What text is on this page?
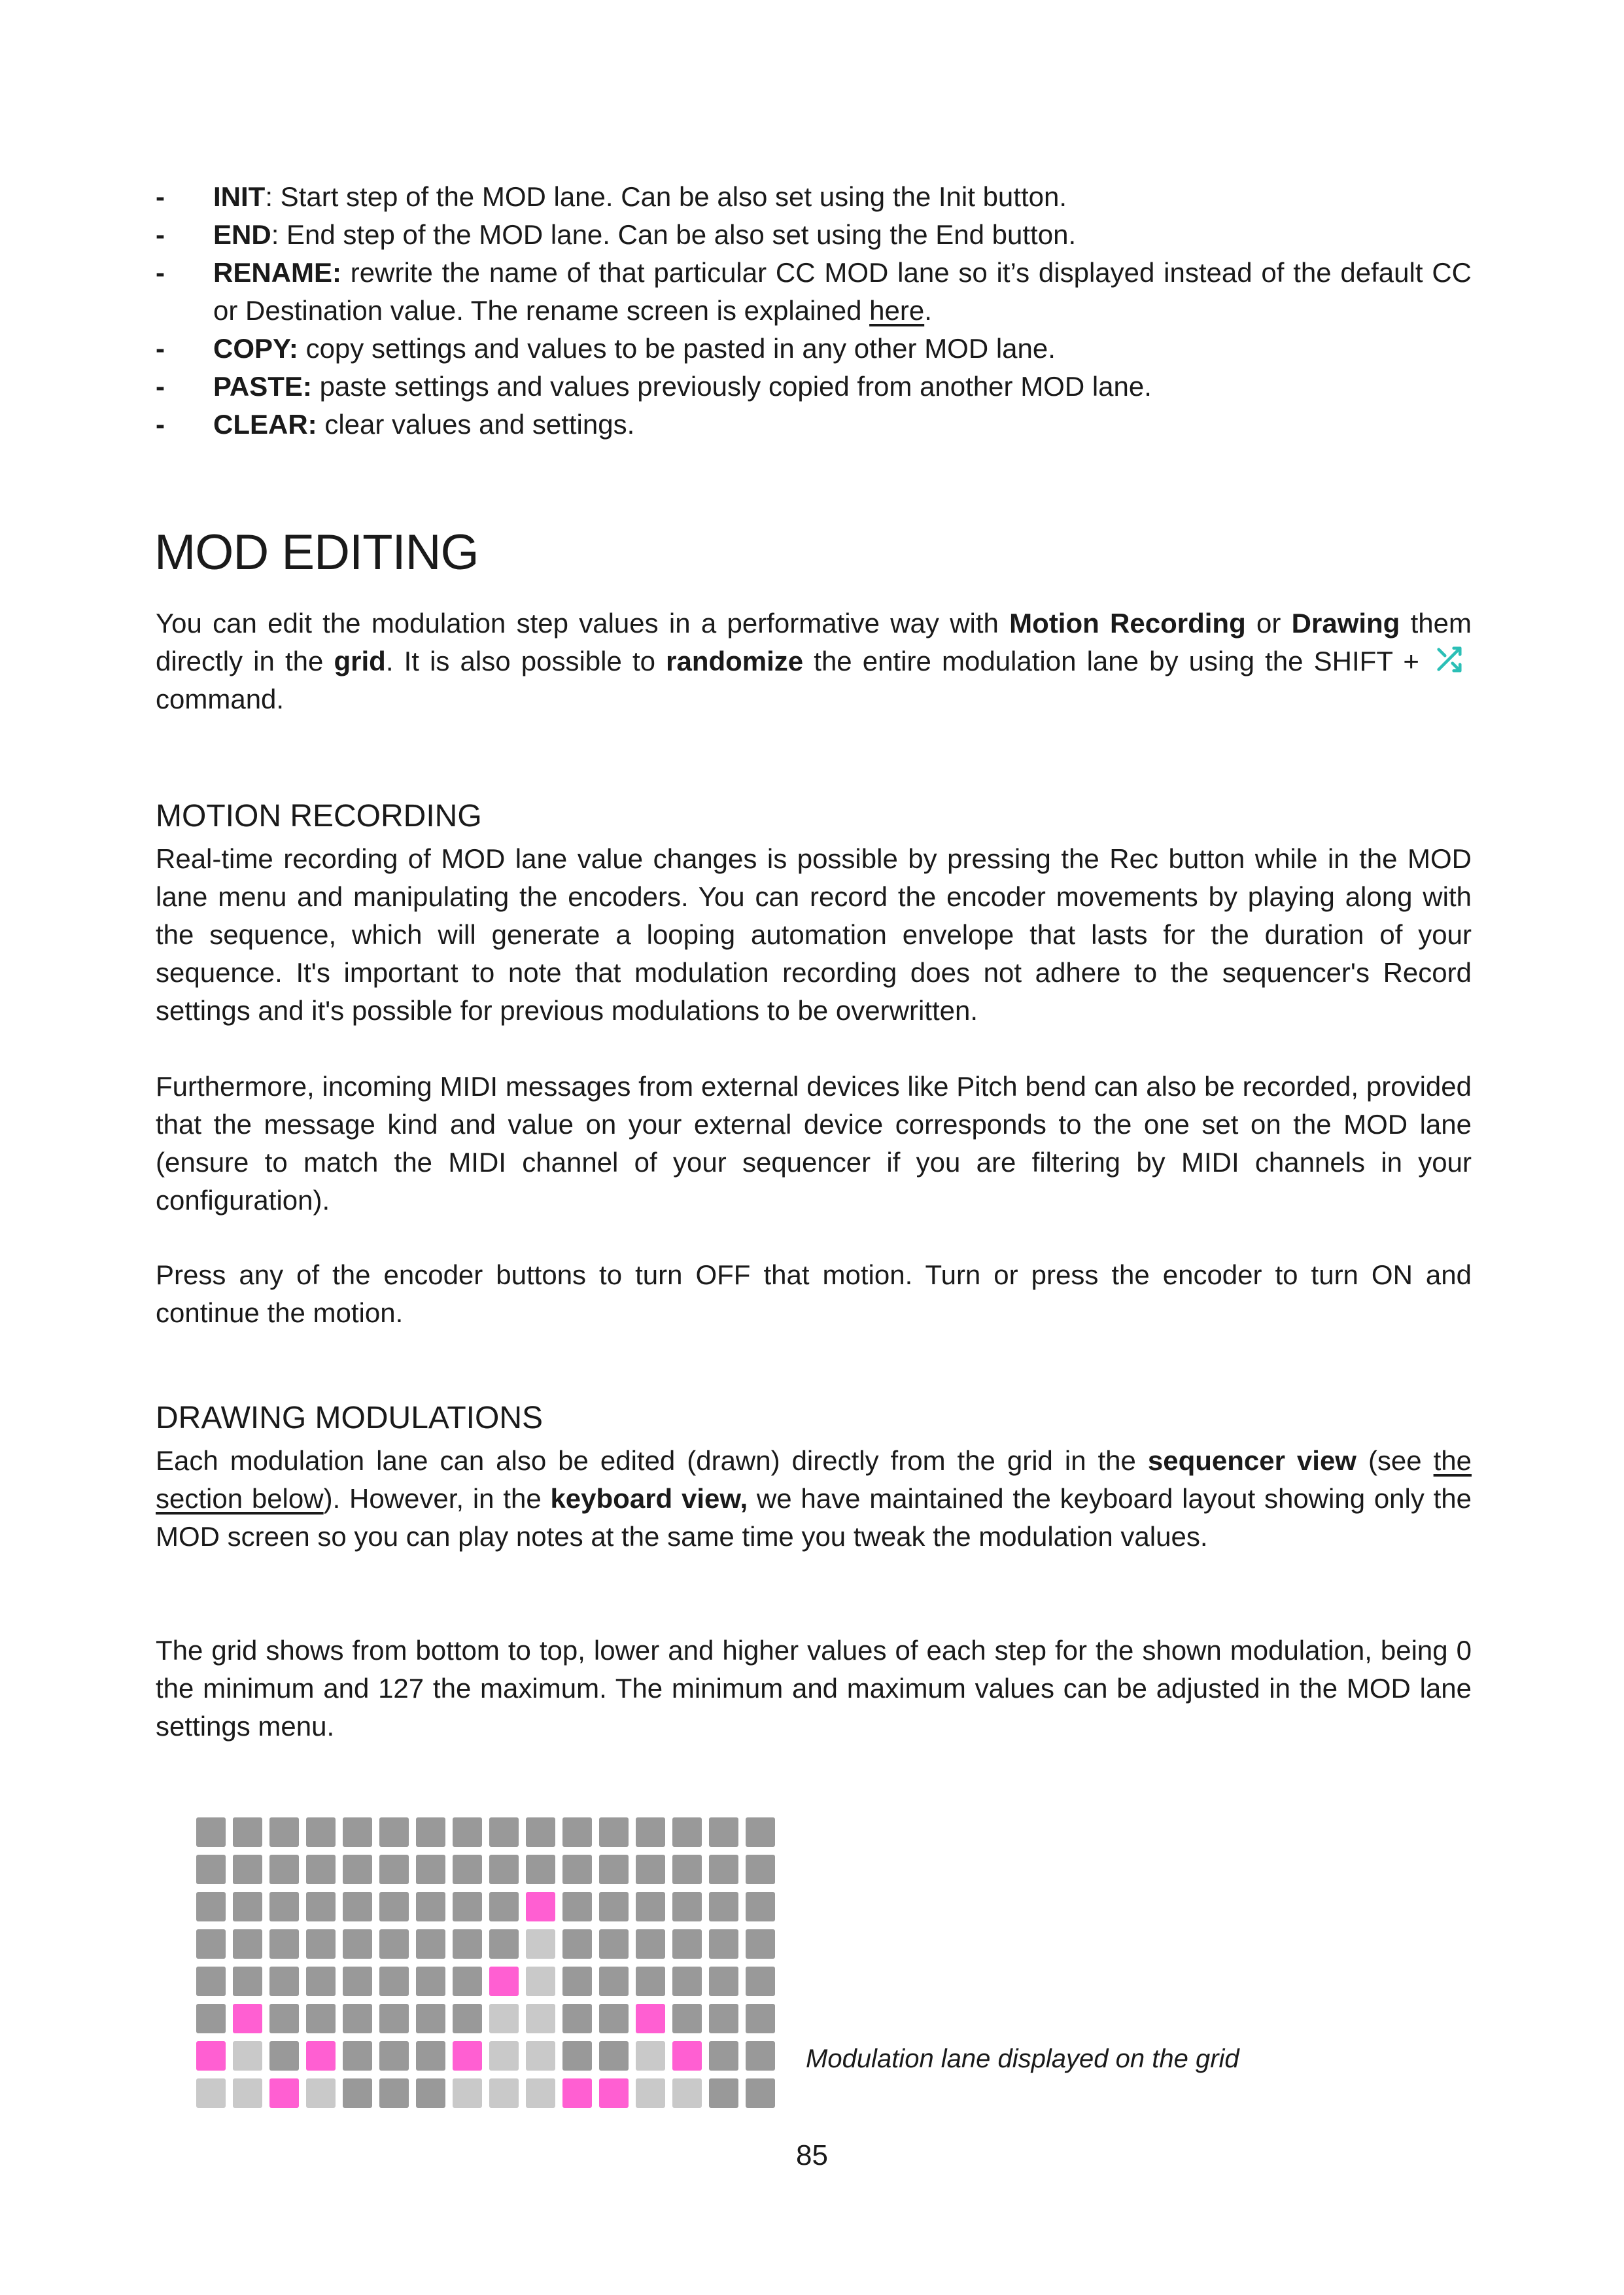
- INIT: Start step of the MOD lane. Can be also set using the Init button.
- END: End step of the MOD lane. Can be also set using the End button.
- RENAME: rewrite the name of that particular CC MOD lane so it’s displayed instead of the default CC or Destination value. The rename screen is explained here.
- COPY: copy settings and values to be pasted in any other MOD lane.
- PASTE: paste settings and values previously copied from another MOD lane.
- CLEAR: clear values and settings.
MOD EDITING

You can edit the modulation step values in a performative way with Motion Recording or Drawing them directly in the grid. It is also possible to randomize the entire modulation lane by using the SHIFT +  command.

MOTION RECORDING

Real-time recording of MOD lane value changes is possible by pressing the Rec button while in the MOD lane menu and manipulating the encoders. You can record the encoder movements by playing along with the sequence, which will generate a looping automation envelope that lasts for the duration of your sequence. It's important to note that modulation recording does not adhere to the sequencer's Record settings and it's possible for previous modulations to be overwritten.

Furthermore, incoming MIDI messages from external devices like Pitch bend can also be recorded, provided that the message kind and value on your external device corresponds to the one set on the MOD lane (ensure to match the MIDI channel of your sequencer if you are filtering by MIDI channels in your configuration).

Press any of the encoder buttons to turn OFF that motion. Turn or press the encoder to turn ON and continue the motion.

DRAWING MODULATIONS

Each modulation lane can also be edited (drawn) directly from the grid in the sequencer view (see the section below). However, in the keyboard view, we have maintained the keyboard layout showing only the MOD screen so you can play notes at the same time you tweak the modulation values.

The grid shows from bottom to top, lower and higher values of each step for the shown modulation, being 0 the minimum and 127 the maximum. The minimum and maximum values can be adjusted in the MOD lane settings menu.

Modulation lane displayed on the grid
85
